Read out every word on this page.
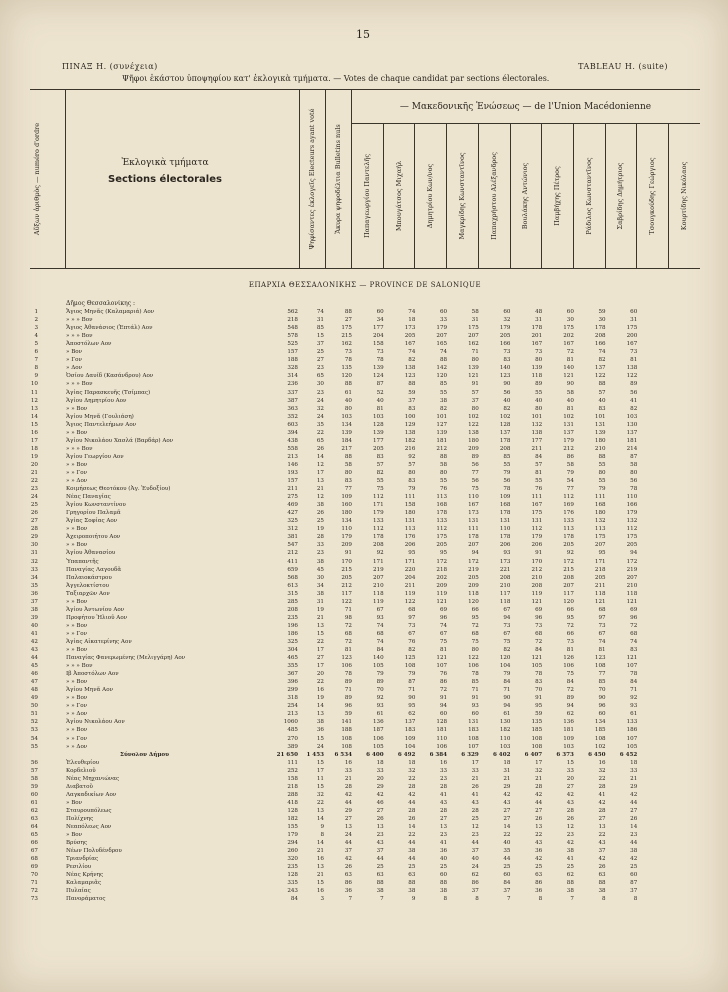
15
ΠΙΝΑΞ Η. (συνέχεια)	TABLEAU H. (suite)
Ψῆφοι ἑκάστου ὑποψηφίου κατ' ἐκλογικὰ τμήματα. — Votes de chaque candidat par sections électorales.
Αὔξων ἀριθμὸς — numéro d'ordre	Ἐκλογικὰ τμήματα
Sections électorales	Ψηφίσαντες ἐκλογεῖς Electeurs ayant voté	Ἄκυρα ψηφοδέλτια Bulletins nuls
— Μακεδονικῆς Ἑνώσεως — de l'Union Macédonienne
Παπαγεωργίου Παντελῆς	Μπουγάτσος Μιχαήλ	Δημητρίου Κων/νος	Μαγκρίδης Κωνσταντῖνος	Παπαχρήστου Αλέξανδρος	Βουλάκης Αντώνιος	Παμβήχης Πέτρος	Ράδιλος Κωνσταντῖνος	Σαβρίδης Δημήτριος	Τσουγκούδης Γεώργιος	Κουρτίδης Νικόλαος
ΕΠΑΡΧΙΑ ΘΕΣΣΑΛΟΝΙΚΗΣ — PROVINCE DE SALONIQUE
Δῆμος Θεσσαλονίκης :
1	Ἅγιος Μηνᾶς (Καλαμαριά) Αον	562	74	88	60	74	60	58	60	48	60	59	60
2	» » » Βον	218	31	27	34	18	33	31	32	31	30	30	31
3	Ἅγιος Ἀθανάσιος (Ἑπτάλ) Αον	548	85	175	177	173	179	175	179	178	175	178	175
4	» » » Βον	578	15	215	204	205	207	207	205	201	202	208	200
5	Ἀποστόλων Αον	525	37	162	158	167	165	162	166	167	167	166	167
6	» Βον	157	25	73	73	74	74	71	73	73	72	74	73
7	» Γον	188	27	78	78	82	88	80	83	80	81	82	81
8	» Δον	328	23	135	139	138	142	139	140	139	140	137	138
9	Ὁσίου Δαυίδ (Κασάνδρου) Αον	314	65	120	124	123	120	121	123	118	121	122	122
10	» » » Βον	236	30	88	87	88	85	91	90	89	90	88	89
11	Ἁγίας Παρασκευῆς (Τσίμπας)	337	23	61	52	59	55	57	56	55	58	57	56
12	Ἁγίου Δημητρίου Αον	387	24	40	40	37	38	37	40	40	40	40	41
13	» » Βον	363	32	80	81	83	82	80	82	80	81	83	82
14	Ἁγίου Μηνᾶ (Γουλιάση)	352	24	103	103	100	101	102	102	101	102	101	103
15	Ἅγιος Παντελεήμων Αον	603	35	134	128	129	127	122	128	132	131	131	130
16	» » Βον	394	22	139	139	138	139	138	137	138	137	139	137
17	Ἁγίου Νικολάου Χασλά (Βαρδάρ) Αον	438	65	184	177	182	181	180	178	177	179	180	181
18	» » » Βον	558	26	217	205	216	212	209	208	211	212	210	214
19	Ἁγίου Γεωργίου Αον	213	14	88	83	92	88	89	85	84	86	88	87
20	» » Βον	146	12	58	57	57	58	56	55	57	58	55	58
21	» » Γον	193	17	80	82	80	80	77	79	81	79	80	80
22	» » Δον	157	13	83	55	83	55	56	56	55	54	55	56
23	Κοιμήσεως Θεοτόκου (Ἁγ. Ἑυδοξίου)	211	21	77	75	79	76	75	78	76	77	79	78
24	Νέας Παναγίας	275	12	109	112	111	113	110	109	111	112	111	110
25	Ἁγίου Κωνσταντίνου	469	38	160	171	158	168	167	168	167	169	168	166
26	Γρηγορίου Παλαμᾶ	427	26	180	179	180	178	173	178	175	176	180	179
27	Ἁγίας Σοφίας Αον	325	25	134	133	131	133	131	131	131	133	132	132
28	» » Βον	312	19	110	112	113	112	111	110	112	113	113	112
29	Ἀχειροποιήτου Αον	381	28	179	178	176	175	178	178	179	178	175	175
30	» » Βον	547	33	209	208	206	205	207	206	206	205	207	205
31	Ἁγίου Ἀθανασίου	212	23	91	92	95	95	94	93	91	92	95	94
32	Ὑπαπαντῆς	411	38	170	171	171	172	172	173	170	172	171	172
33	Παναγίας Λαγουδᾶ	659	45	215	219	220	218	219	221	212	215	218	219
34	Παλαιοκάστρου	568	30	205	207	204	202	205	208	210	208	205	207
35	Ἀγγελοκτίστου	613	34	212	210	211	209	209	210	208	207	211	210
36	Ταξιαρχῶν Αον	315	38	117	118	119	119	118	117	119	117	118	118
37	» » Βον	285	31	122	119	122	121	120	118	121	120	121	121
38	Ἁγίου Ἀντωνίου Αον	208	19	71	67	68	69	66	67	69	66	68	69
39	Προφήτου Ἠλιοῦ Αον	235	21	98	93	97	96	95	94	96	95	97	96
40	» » Βον	196	13	72	74	73	74	72	73	73	72	73	72
41	» » Γον	186	15	68	68	67	67	68	67	68	66	67	68
42	Ἁγίας Αἰκατερίνης Αον	325	22	72	74	76	75	75	75	72	73	74	74
43	» » Βον	304	17	81	84	82	81	80	82	84	81	81	83
44	Παναγίας Φανερωμένης (Μελιγγάρη) Αον	465	27	123	140	125	121	122	120	121	126	123	121
45	» » » Βον	355	17	106	105	108	107	106	104	105	106	108	107
46	Ιβ Ἀποστόλων Αον	367	20	78	79	79	76	78	79	78	75	77	78
47	» » Βον	396	22	89	89	87	86	85	84	83	84	85	84
48	Ἁγίου Μηνᾶ Αον	299	16	71	70	71	72	71	71	70	72	70	71
49	» » Βον	318	19	89	92	90	91	91	90	91	89	90	92
50	» » Γον	254	14	96	93	95	94	93	94	95	94	96	93
51	» » Δον	213	13	59	61	62	60	60	61	59	62	60	61
52	Ἁγίου Νικολάου Αον	1060	38	141	136	137	128	131	130	135	136	134	133
53	» » Βον	485	36	188	187	183	181	183	182	185	181	185	186
54	» » Γον	270	15	108	106	109	110	108	110	108	109	108	107
55	» » Δον	389	24	108	105	104	106	107	103	108	103	102	105
Σύνολον Δήμου	21 650	1 453	6 534	6 400	6 492	6 384	6 329	6 402	6 407	6 373	6 450	6 452
56	Ἐλευθερίου	111	15	16	18	18	16	17	18	17	15	16	18
57	Κορδελιοῦ	252	17	33	33	32	33	33	31	32	33	32	33
58	Νέας Μηχανιώνας	158	11	21	20	22	23	21	21	21	20	22	21
59	Διαβατοῦ	218	15	28	29	28	28	26	29	28	27	28	29
60	Λαγκαδικίων Αον	288	32	42	42	42	41	41	42	42	42	41	42
61	» Βον	418	22	44	46	44	43	43	43	44	43	42	44
62	Σταυρουπόλεως	128	13	29	27	28	28	28	27	27	28	28	27
63	Πολίχνης	182	14	27	26	26	27	25	27	26	26	27	26
64	Νεαπόλεως Αον	155	9	13	13	14	13	12	14	13	12	13	14
65	» Βον	179	8	24	23	22	23	23	22	22	23	22	23
66	Βρύσης	294	14	44	43	44	41	44	40	43	42	43	44
67	Νέων Πολυδένδρου	260	21	37	37	38	36	37	35	36	38	37	38
68	Τριανδρίας	320	16	42	44	44	40	40	44	42	41	42	42
69	Ρεσιλίου	235	13	26	25	25	25	24	25	25	25	26	25
70	Νέας Κρήνης	128	21	63	63	63	60	62	60	63	62	63	60
71	Καλαμαριᾶς	335	15	86	88	88	88	86	84	86	88	88	87
72	Πυλαίας	243	16	36	38	38	38	37	37	36	38	38	37
73	Πανοράματος	84	3	7	7	9	8	8	7	8	7	8	8
